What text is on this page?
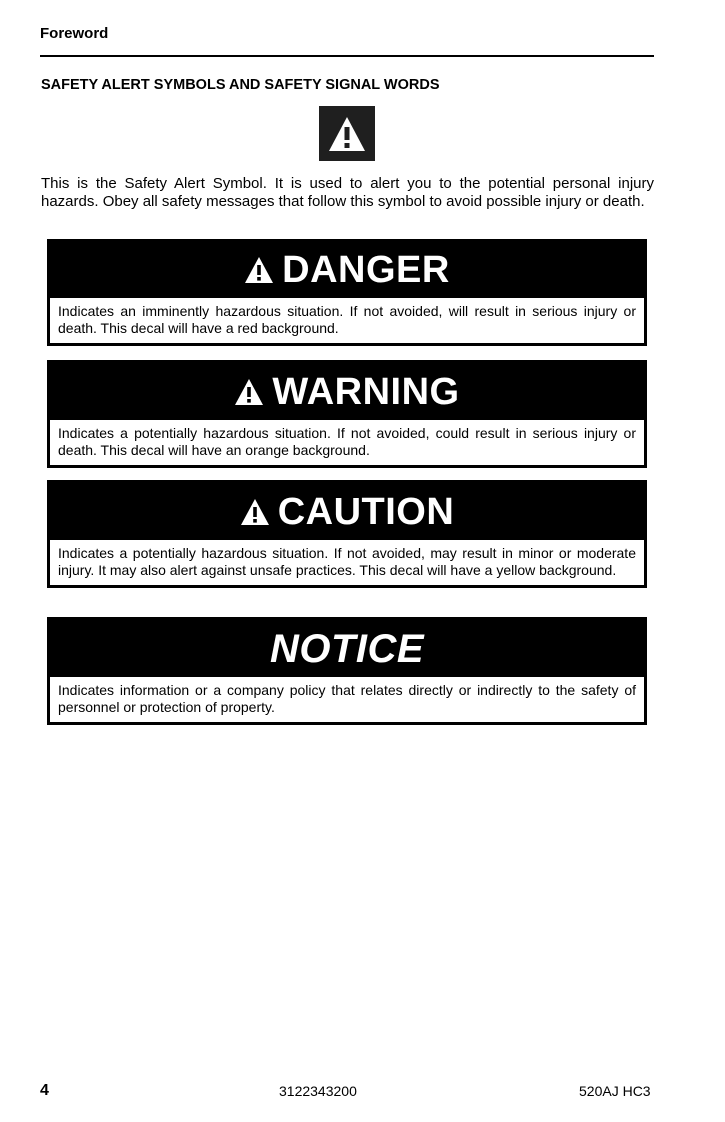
Foreword
SAFETY ALERT SYMBOLS AND SAFETY SIGNAL WORDS
This is the Safety Alert Symbol. It is used to alert you to the potential personal injury hazards. Obey all safety messages that follow this symbol to avoid possible injury or death.
DANGER
Indicates an imminently hazardous situation. If not avoided, will result in serious injury or death. This decal will have a red background.
WARNING
Indicates a potentially hazardous situation. If not avoided, could result in serious injury or death. This decal will have an orange background.
CAUTION
Indicates a potentially hazardous situation. If not avoided, may result in minor or moderate injury. It may also alert against unsafe practices. This decal will have a yellow background.
NOTICE
Indicates information or a company policy that relates directly or indirectly to the safety of personnel or protection of property.
4	3122343200	520AJ HC3
